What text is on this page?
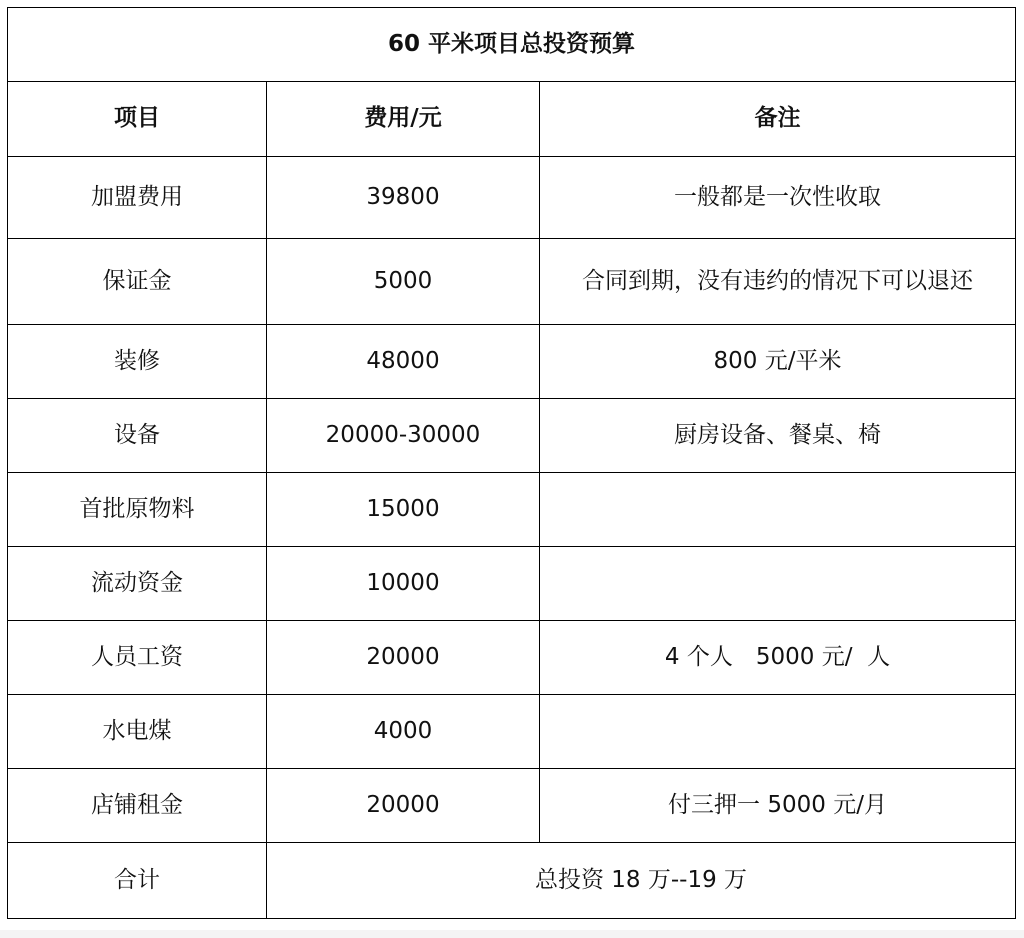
60 平米项目总投资预算		
项目	费用/元	备注
加盟费用	39800	一般都是一次性收取
保证金	5000	合同到期，没有违约的情况下可以退还
装修	48000	800 元/平米
设备	20000-30000	厨房设备、餐桌、椅
首批原物料	15000	
流动资金	10000	
人员工资	20000	4 个人　5000 元/  人
水电煤	4000	
店铺租金	20000	付三押一 5000 元/月
合计	总投资 18 万--19 万	
